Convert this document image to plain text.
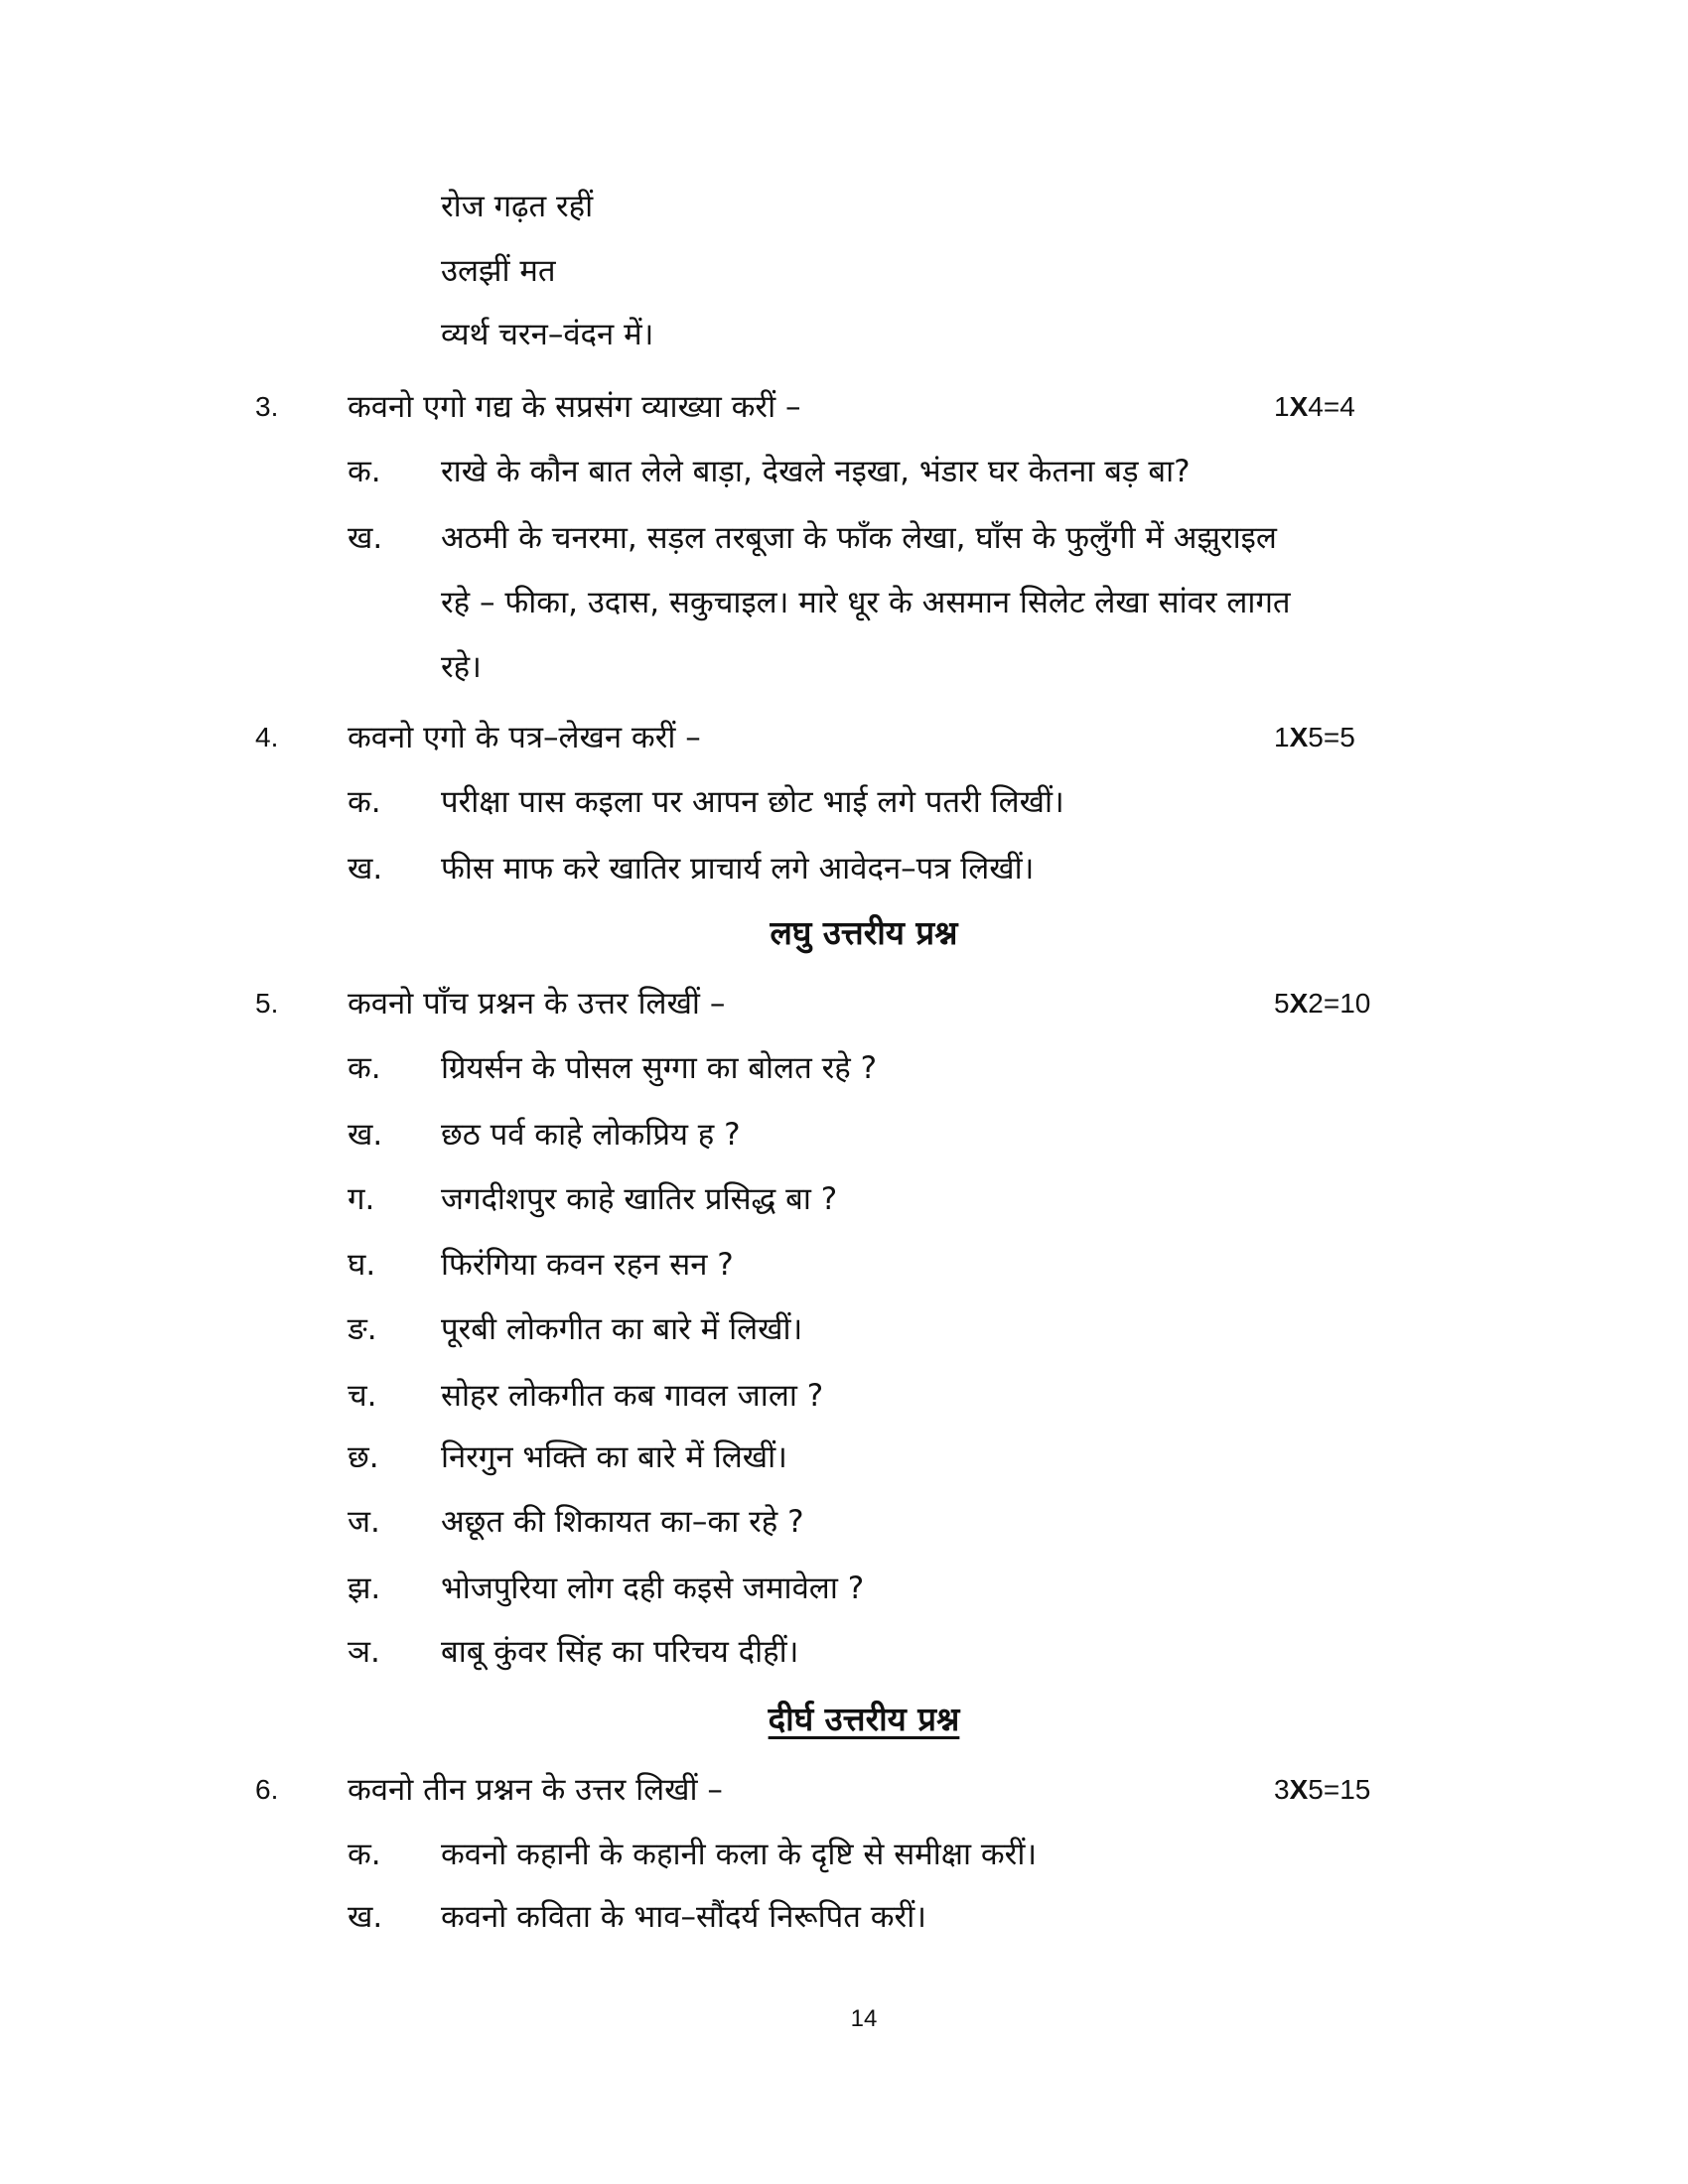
रोज गढ़त रहीं
उलझीं मत
व्यर्थ चरन–वंदन में।
3. कवनो एगो गद्य के सप्रसंग व्याख्या करीं –	1X4=4
क. राखे के कौन बात लेले बाड़ा, देखले नइखा, भंडार घर केतना बड़ बा?
ख. अठमी के चनरमा, सड़ल तरबूजा के फाँक लेखा, घाँस के फुलुँगी में अझुराइल
रहे – फीका, उदास, सकुचाइल। मारे धूर के असमान सिलेट लेखा सांवर लागत
रहे।
4. कवनो एगो के पत्र–लेखन करीं –	1X5=5
क. परीक्षा पास कइला पर आपन छोट भाई लगे पतरी लिखीं।
ख. फीस माफ करे खातिर प्राचार्य लगे आवेदन–पत्र लिखीं।
5. कवनो पाँच प्रश्नन के उत्तर लिखीं –	5X2=10
क. ग्रियर्सन के पोसल सुग्गा का बोलत रहे ?
ख. छठ पर्व काहे लोकप्रिय ह ?
ग. जगदीशपुर काहे खातिर प्रसिद्ध बा ?
घ. फिरंगिया कवन रहन सन ?
ङ. पूरबी लोकगीत का बारे में लिखीं।
च. सोहर लोकगीत कब गावल जाला ?
छ. निरगुन भक्ति का बारे में लिखीं।
ज. अछूत की शिकायत का–का रहे ?
झ. भोजपुरिया लोग दही कइसे जमावेला ?
ञ. बाबू कुंवर सिंह का परिचय दीहीं।
6. कवनो तीन प्रश्नन के उत्तर लिखीं –	3X5=15
क. कवनो कहानी के कहानी कला के दृष्टि से समीक्षा करीं।
ख. कवनो कविता के भाव–सौंदर्य निरूपित करीं।
लघु उत्तरीय प्रश्न
दीर्घ उत्तरीय प्रश्न
14
